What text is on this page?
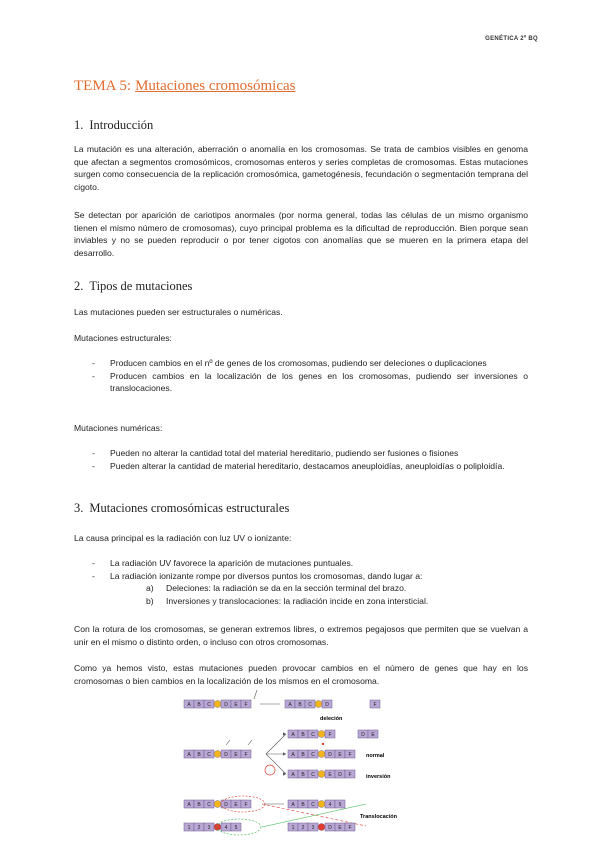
GENÉTICA 2º BQ
TEMA 5: Mutaciones cromosómicas
1. Introducción

La mutación es una alteración, aberración o anomalía en los cromosomas. Se trata de cambios visibles en genoma que afectan a segmentos cromosómicos, cromosomas enteros y series completas de cromosomas. Estas mutaciones surgen como consecuencia de la replicación cromosómica, gametogénesis, fecundación o segmentación temprana del cigoto.

Se detectan por aparición de cariotipos anormales (por norma general, todas las células de un mismo organismo tienen el mismo número de cromosomas), cuyo principal problema es la dificultad de reproducción. Bien porque sean inviables y no se pueden reproducir o por tener cigotos con anomalías que se mueren en la primera etapa del desarrollo.

2. Tipos de mutaciones

Las mutaciones pueden ser estructurales o numéricas.

Mutaciones estructurales:

- Producen cambios en el nº de genes de los cromosomas, pudiendo ser deleciones o duplicaciones
- Producen cambios en la localización de los genes en los cromosomas, pudiendo ser inversiones o translocaciones.

Mutaciones numéricas:

- Pueden no alterar la cantidad total del material hereditario, pudiendo ser fusiones o fisiones
- Pueden alterar la cantidad de material hereditario, destacamos aneuploidías, aneuploidías o poliploidía.
3. Mutaciones cromosómicas estructurales

La causa principal es la radiación con luz UV o ionizante:

- La radiación UV favorece la aparición de mutaciones puntuales.
- La radiación ionizante rompe por diversos puntos los cromosomas, dando lugar a:
a) Deleciones: la radiación se da en la sección terminal del brazo.
b) Inversiones y translocaciones: la radiación incide en zona intersticial.

Con la rotura de los cromosomas, se generan extremos libres, o extremos pegajosos que permiten que se vuelvan a unir en el mismo o distinto orden, o incluso con otros cromosomas.

Como ya hemos visto, estas mutaciones pueden provocar cambios en el número de genes que hay en los cromosomas o bien cambios en la localización de los mismos en el cromosoma.

A B C	D E F	A B C	D	F
D E
A B C	D E F
A B C	F
A B C	D E F
A B C	E D F
A B C	D E F
1 2 3	4 5
A B C	4 5
1 2 3	D E F
deleción
normal
inversión
Translocación
